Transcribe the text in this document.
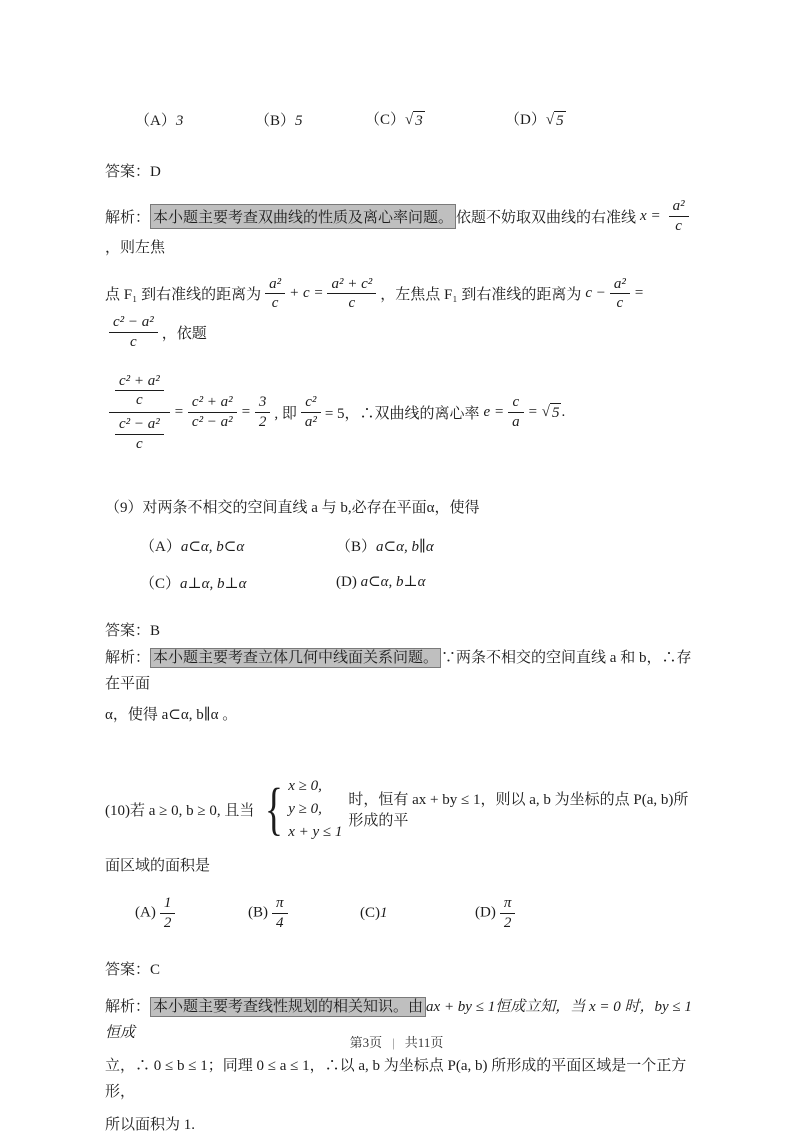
（A）3	（B）5	（C） √ 3	（D） √ 5
答案：D
解析： 本小题主要考查双曲线的性质及离心率问题。 依题不妨取双曲线的右准线 $x = \frac{\text{a²}}{c}$
，则左焦
点 F₁ 到右准线的距离为 $\frac{\text{a²}}{c} + c = \frac{\text{a² + c²}}{c}$ ，左焦点 F₁ 到右准线的距离为 $c - \frac{\text{a²}}{c}$ =
$\frac{\text{c² − a²}}{c}$ ，依题
$\frac{\frac{\text{c² + a²}}{c}}{\frac{\text{c² − a²}}{c}} = \frac{\text{c² + a²}}{\text{c² − a²}} = \frac{3}{2}$ , 即 $\frac{\text{c²}}{\text{a²}} = 5$，∴双曲线的离心率 $e = \frac{c}{a}$ = √ 5 .
（9）对两条不相交的空间直线 a 与 b,必存在平面α，使得
（A）a⊂α, b⊂α	（B）a⊂α, b∥α
（C）a⊥α, b⊥α	(D) a⊂α, b⊥α
答案：B
解析： 本小题主要考查立体几何中线面关系问题。 ∵两条不相交的空间直线 a 和 b，∴存在平面
α，使得 a⊂α, b∥α 。
(10)若 a ≥ 0, b ≥ 0, 且当 { x ≥ 0,
y ≥ 0,
x + y ≤ 1
时，恒有 ax + by ≤ 1，则以 a, b 为坐标的点 P(a, b)所形成的平
面区域的面积是
$(A) \frac{1}{2}$	$(B) \frac{\pi}{4}$	(C)1	$(D) \frac{\pi}{2}$
答案：C
解析： 本小题主要考查线性规划的相关知识。由 ax + by ≤ 1恒成立知，当 x = 0 时，by ≤ 1恒成
立，∴ 0 ≤ b ≤ 1；同理 0 ≤ a ≤ 1，∴以 a, b 为坐标点 P(a, b) 所形成的平面区域是一个正方形，
所以面积为 1.
第3页 | 共11页
